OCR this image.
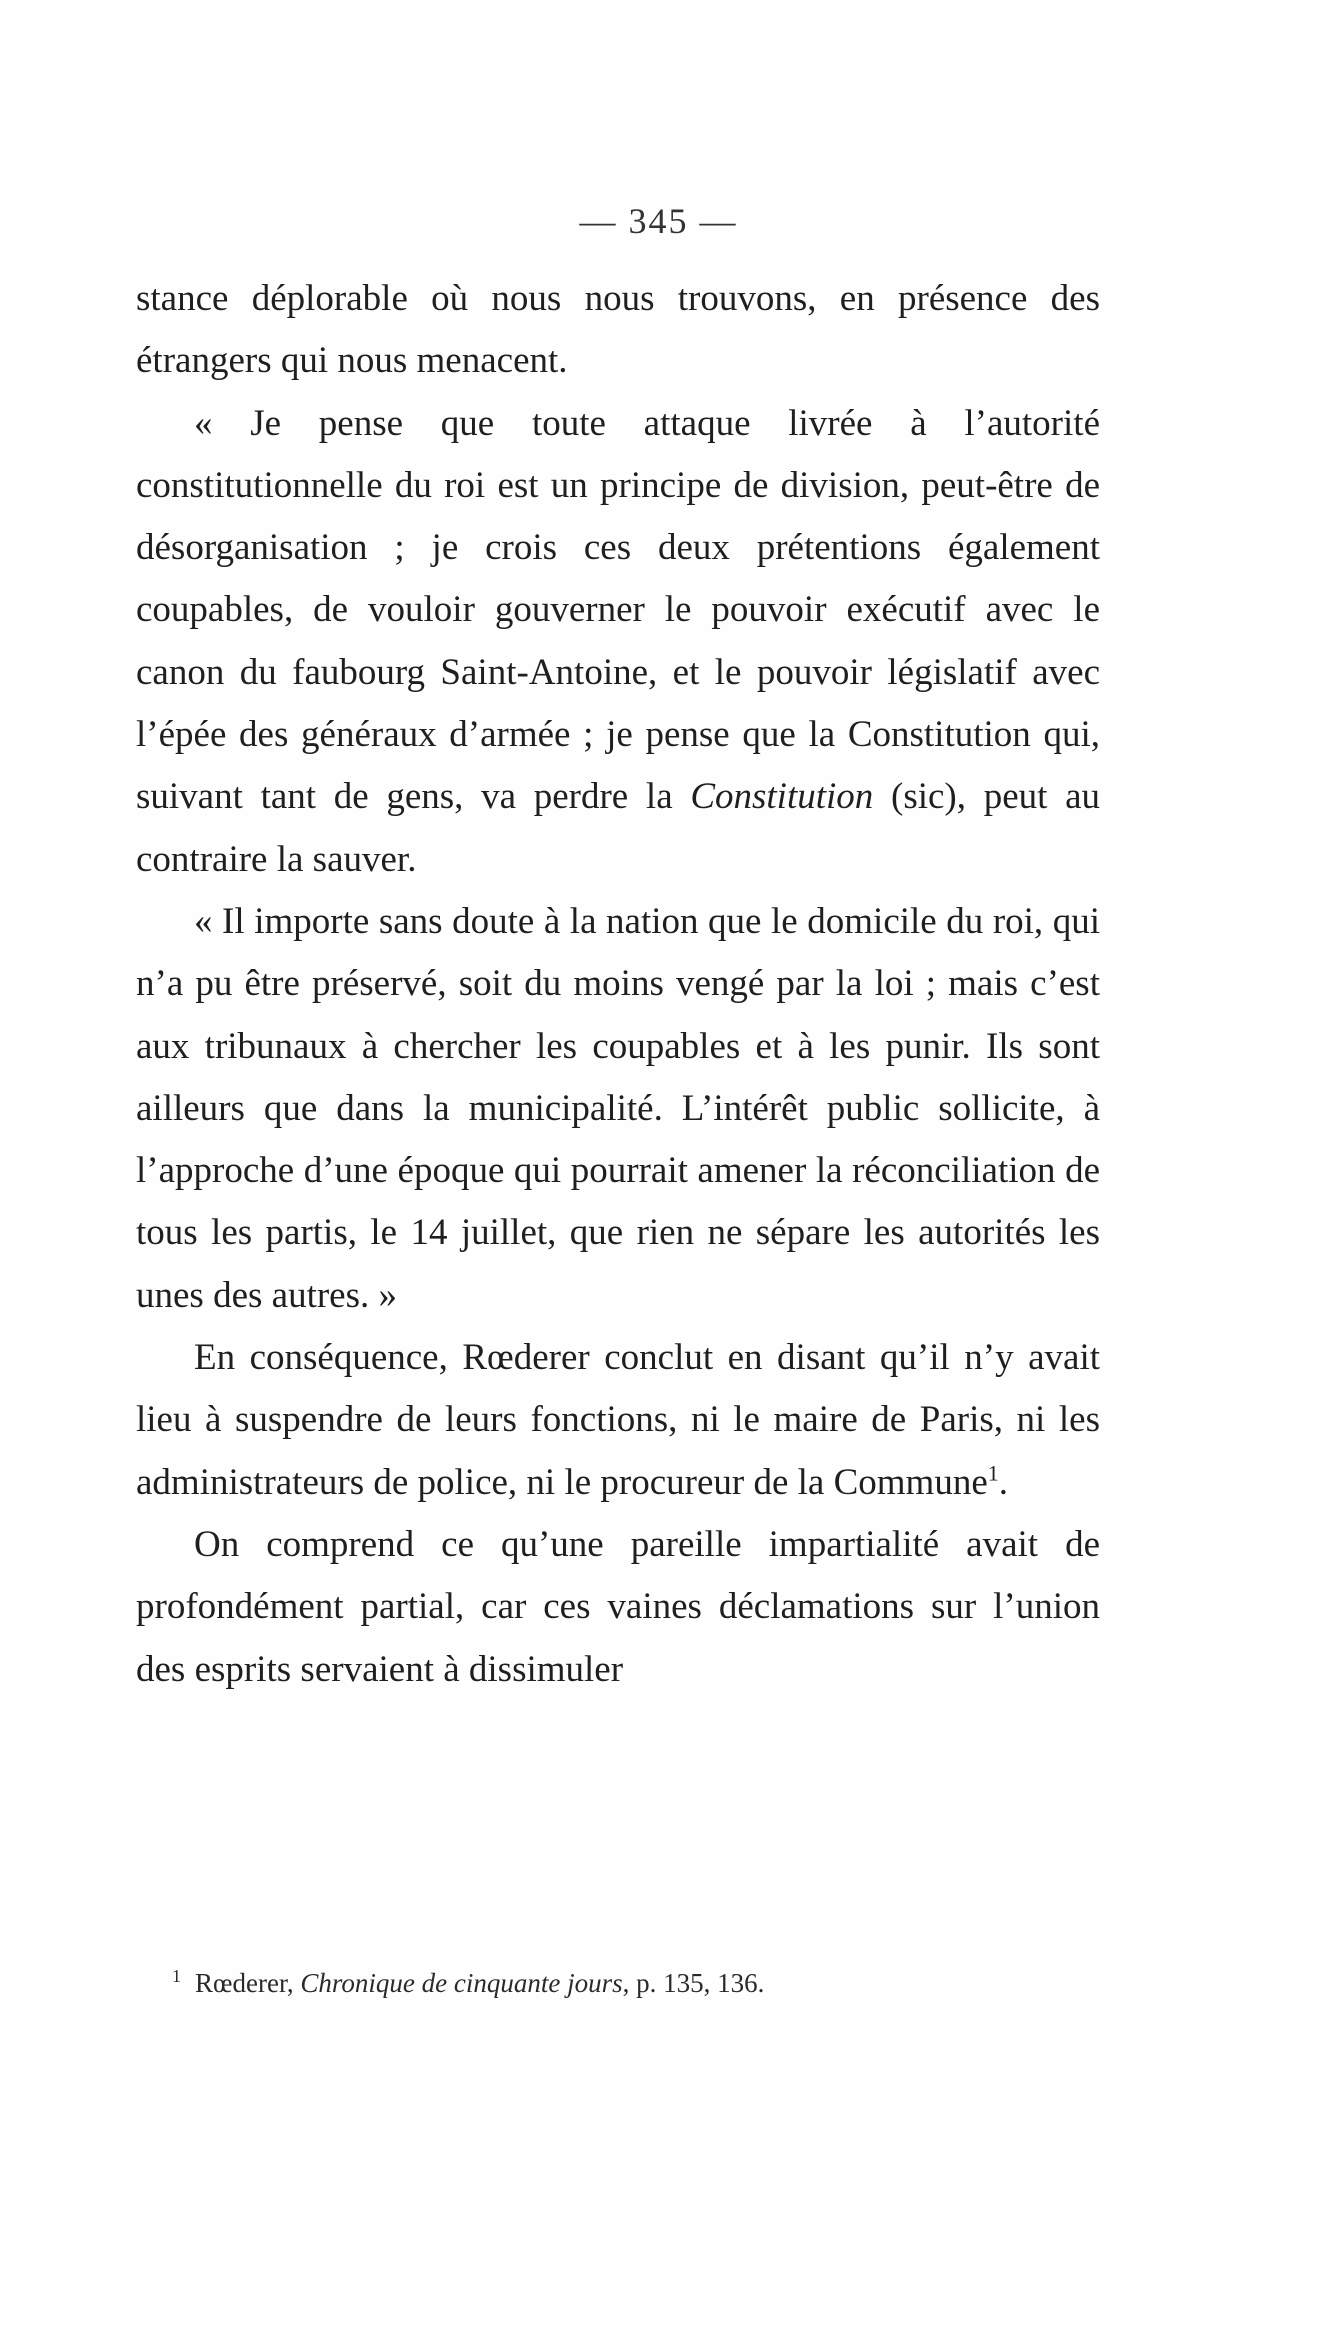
— 345 —

stance déplorable où nous nous trouvons, en présence des étrangers qui nous menacent.

« Je pense que toute attaque livrée à l’autorité constitutionnelle du roi est un principe de division, peut-être de désorganisation ; je crois ces deux prétentions également coupables, de vouloir gouverner le pouvoir exécutif avec le canon du faubourg Saint-Antoine, et le pouvoir législatif avec l’épée des généraux d’armée ; je pense que la Constitution qui, suivant tant de gens, va perdre la Constitution (sic), peut au contraire la sauver.

« Il importe sans doute à la nation que le domicile du roi, qui n’a pu être préservé, soit du moins vengé par la loi ; mais c’est aux tribunaux à chercher les coupables et à les punir. Ils sont ailleurs que dans la municipalité. L’intérêt public sollicite, à l’approche d’une époque qui pourrait amener la réconciliation de tous les partis, le 14 juillet, que rien ne sépare les autorités les unes des autres. »

En conséquence, Rœderer conclut en disant qu’il n’y avait lieu à suspendre de leurs fonctions, ni le maire de Paris, ni les administrateurs de police, ni le procureur de la Commune$^1$.

On comprend ce qu’une pareille impartialité avait de profondément partial, car ces vaines déclamations sur l’union des esprits servaient à dissimuler

$^1$ Rœderer, Chronique de cinquante jours, p. 135, 136.
